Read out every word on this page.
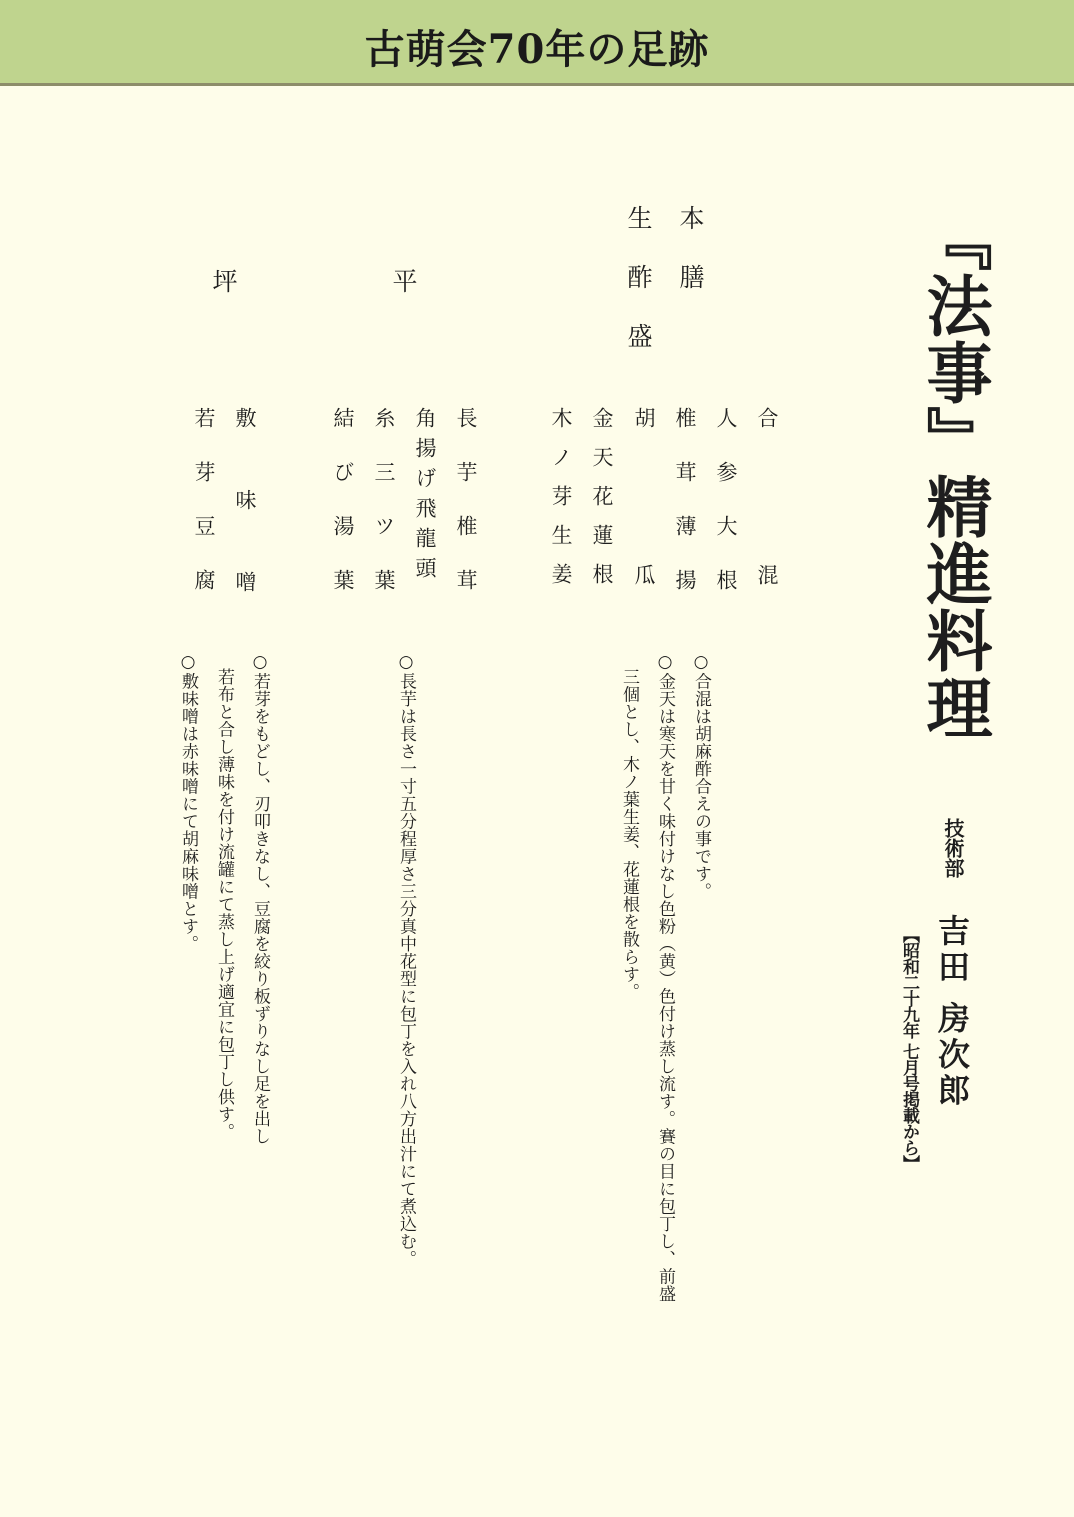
古萌会70年の足跡
『法事』精進料理
技術部
吉田 房次郎
【昭和二十九年 七月号掲載から】
本膳
生酢盛
平
坪
合混
人参大根
椎茸薄揚
胡瓜
金天花蓮根
木ノ芽生姜
長芋椎茸
角揚げ飛龍頭
糸三ツ葉
結び湯葉
敷味噌
若芽豆腐
○合混は胡麻酢合えの事です。
○金天は寒天を甘く味付けなし色粉（黄）色付け蒸し流す。賽の目に包丁し、前盛
三個とし、木ノ葉生姜、花蓮根を散らす。
○長芋は長さ一寸五分程厚さ三分真中花型に包丁を入れ八方出汁にて煮込む。
○若芽をもどし、刃叩きなし、豆腐を絞り板ずりなし足を出し
若布と合し薄味を付け流罐にて蒸し上げ適宜に包丁し供す。
○敷味噌は赤味噌にて胡麻味噌とす。
